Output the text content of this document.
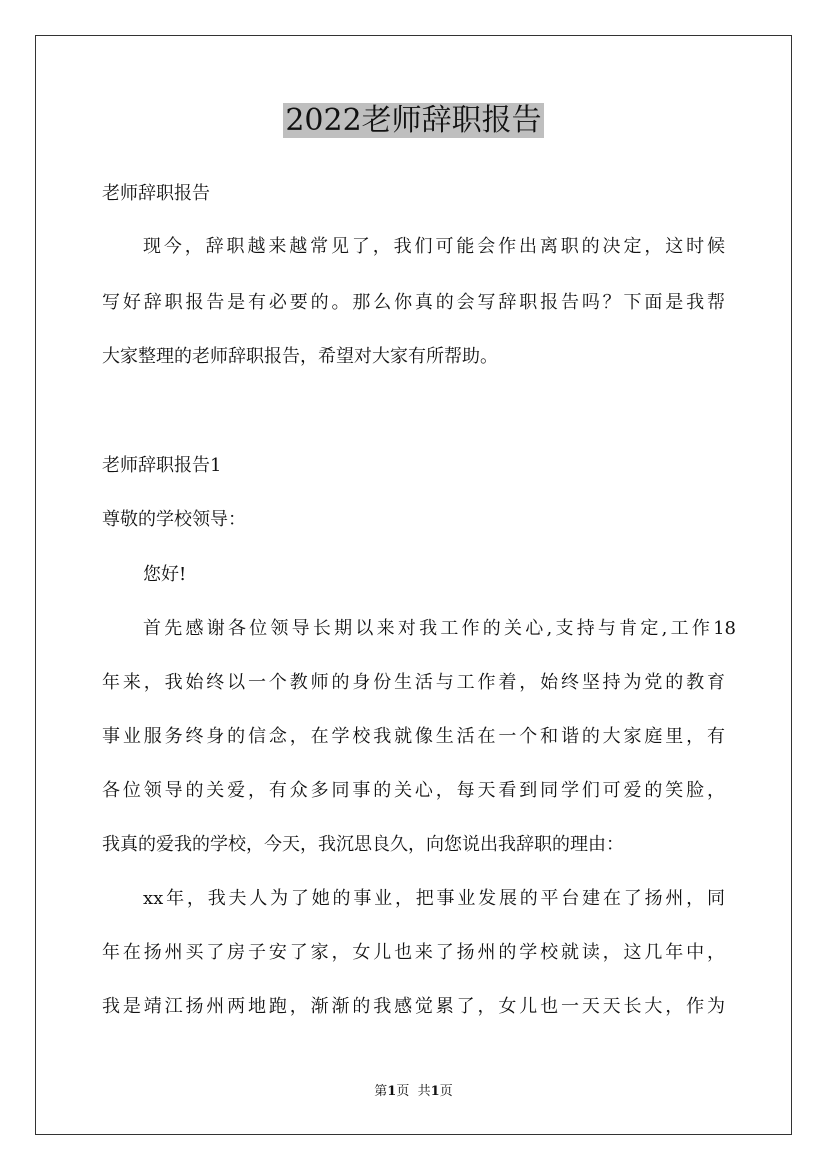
2022老师辞职报告
老师辞职报告
现今，辞职越来越常见了，我们可能会作出离职的决定，这时候
写好辞职报告是有必要的。那么你真的会写辞职报告吗？下面是我帮
大家整理的老师辞职报告，希望对大家有所帮助。
老师辞职报告1
尊敬的学校领导：
您好!
首先感谢各位领导长期以来对我工作的关心,支持与肯定,工作18
年来，我始终以一个教师的身份生活与工作着，始终坚持为党的教育
事业服务终身的信念，在学校我就像生活在一个和谐的大家庭里，有
各位领导的关爱，有众多同事的关心，每天看到同学们可爱的笑脸，
我真的爱我的学校，今天，我沉思良久，向您说出我辞职的理由：
xx年，我夫人为了她的事业，把事业发展的平台建在了扬州，同
年在扬州买了房子安了家，女儿也来了扬州的学校就读，这几年中，
我是靖江扬州两地跑，渐渐的我感觉累了，女儿也一天天长大，作为
第1页 共1页
